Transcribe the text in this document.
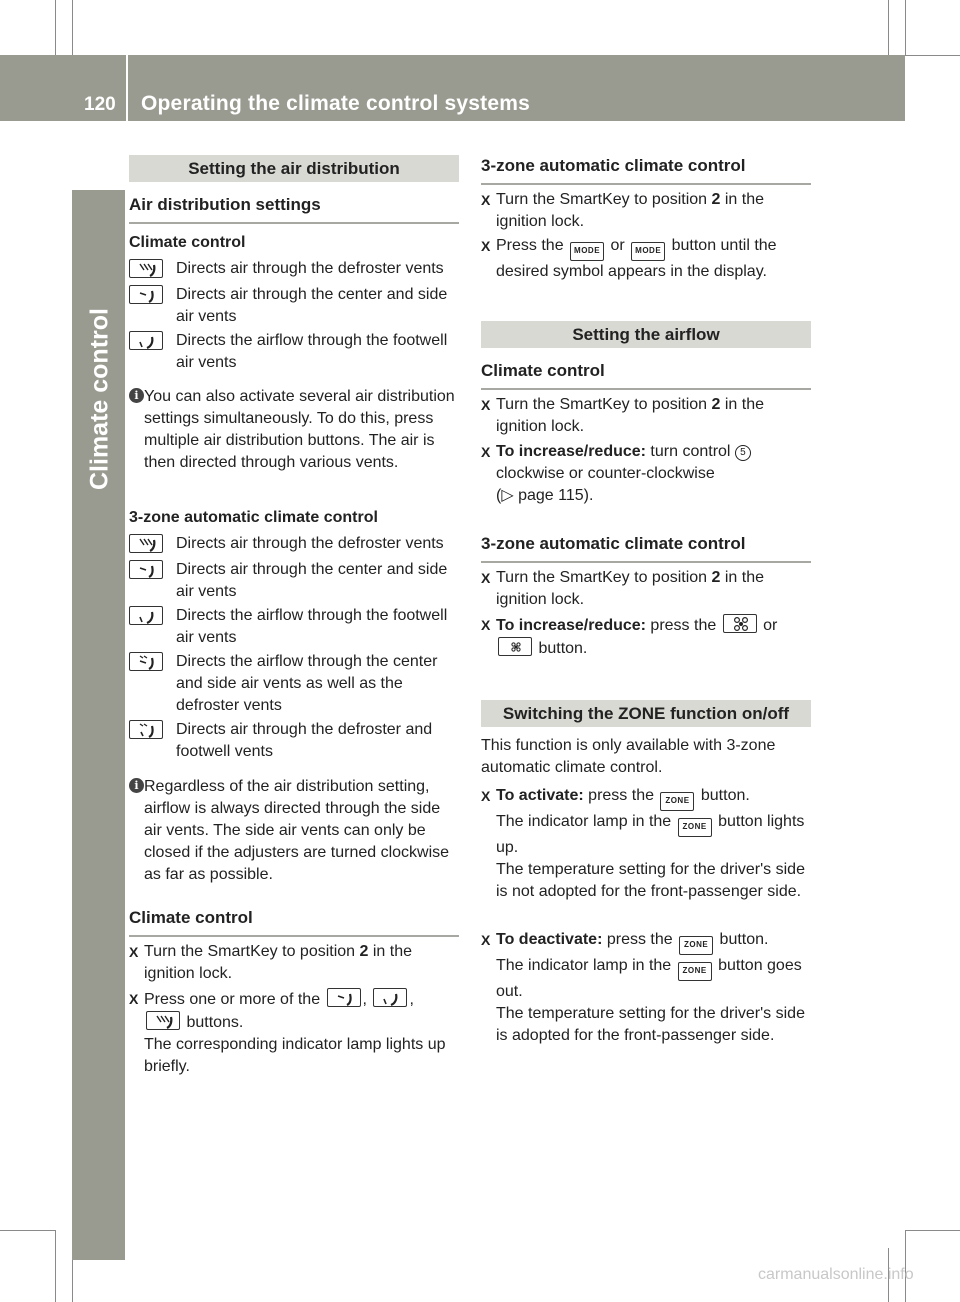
120 Operating the climate control systems
Setting the air distribution
Air distribution settings
Climate control
Directs air through the defroster vents
Directs air through the center and side air vents
Directs the airflow through the footwell air vents
i You can also activate several air distribution settings simultaneously. To do this, press multiple air distribution buttons. The air is then directed through various vents.
3-zone automatic climate control
Directs air through the defroster vents
Directs air through the center and side air vents
Directs the airflow through the footwell air vents
Directs the airflow through the center and side air vents as well as the defroster vents
Directs air through the defroster and footwell vents
i Regardless of the air distribution setting, airflow is always directed through the side air vents. The side air vents can only be closed if the adjusters are turned clockwise as far as possible.
Climate control
X Turn the SmartKey to position 2 in the ignition lock.
X Press one or more of the
,	,

buttons.
The corresponding indicator lamp lights up briefly.
3-zone automatic climate control
X Turn the SmartKey to position 2 in the ignition lock.
X Press the MODE or MODE button until the desired symbol appears in the display.
Setting the airflow
Climate control
X Turn the SmartKey to position 2 in the ignition lock.
X To increase/reduce: turn control 5 clockwise or counter-clockwise
(▷ page 115).
3-zone automatic climate control
X Turn the SmartKey to position 2 in the ignition lock.
X To increase/reduce: press the
or

button.
Switching the ZONE function on/off
This function is only available with 3-zone automatic climate control.
X To activate: press the ZONE button.
The indicator lamp in the ZONE button lights up.
The temperature setting for the driver's side is not adopted for the front-passenger side.
X To deactivate: press the ZONE button.
The indicator lamp in the ZONE button goes out.
The temperature setting for the driver's side is adopted for the front-passenger side.
carmanualsonline.info
